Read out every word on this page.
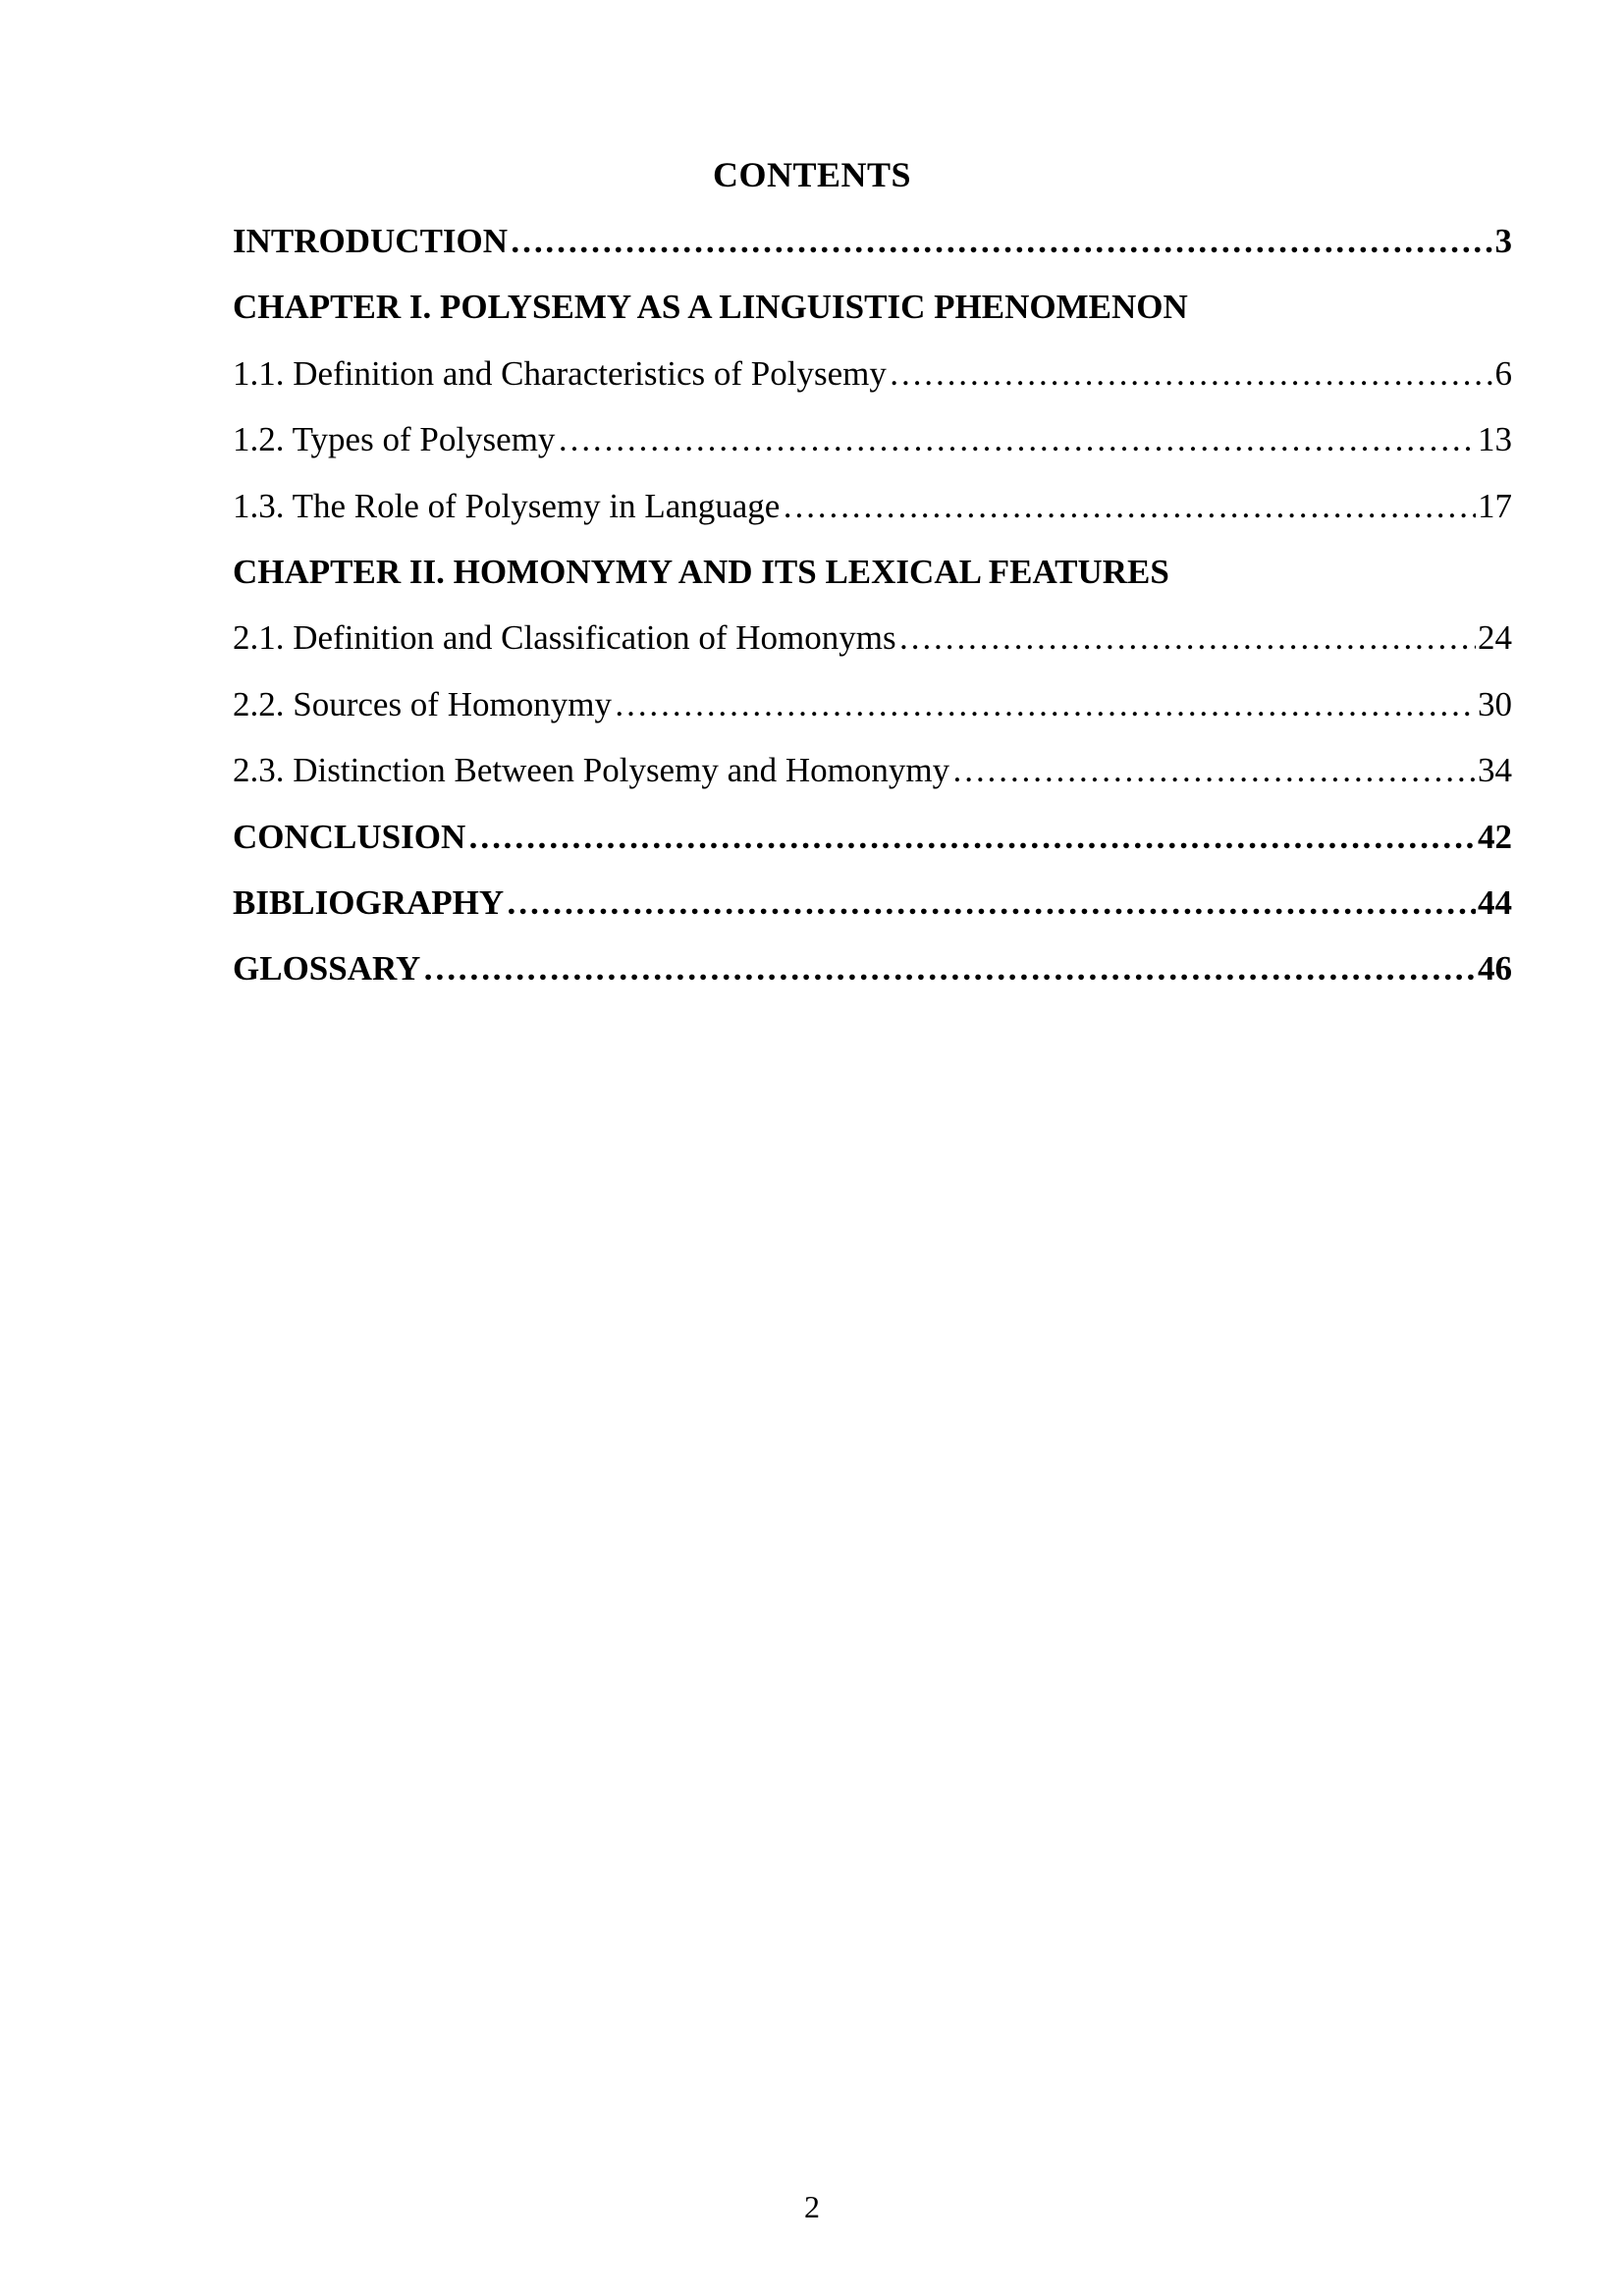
CONTENTS
INTRODUCTION …………………………………………………………………………………………………………………………………………………………………………………………………………	3
CHAPTER I. POLYSEMY AS A LINGUISTIC PHENOMENON
1.1. Definition and Characteristics of Polysemy …………………………………………………………………………………………………………………………………………………………………………………………………………	6
1.2. Types of Polysemy …………………………………………………………………………………………………………………………………………………………………………………………………………	13
1.3. The Role of Polysemy in Language …………………………………………………………………………………………………………………………………………………………………………………………………………	17
CHAPTER II. HOMONYMY AND ITS LEXICAL FEATURES
2.1. Definition and Classification of Homonyms …………………………………………………………………………………………………………………………………………………………………………………………………………	24
2.2. Sources of Homonymy …………………………………………………………………………………………………………………………………………………………………………………………………………	30
2.3. Distinction Between Polysemy and Homonymy …………………………………………………………………………………………………………………………………………………………………………………………………………	34
CONCLUSION …………………………………………………………………………………………………………………………………………………………………………………………………………	42
BIBLIOGRAPHY …………………………………………………………………………………………………………………………………………………………………………………………………………	44
GLOSSARY …………………………………………………………………………………………………………………………………………………………………………………………………………	46
2
